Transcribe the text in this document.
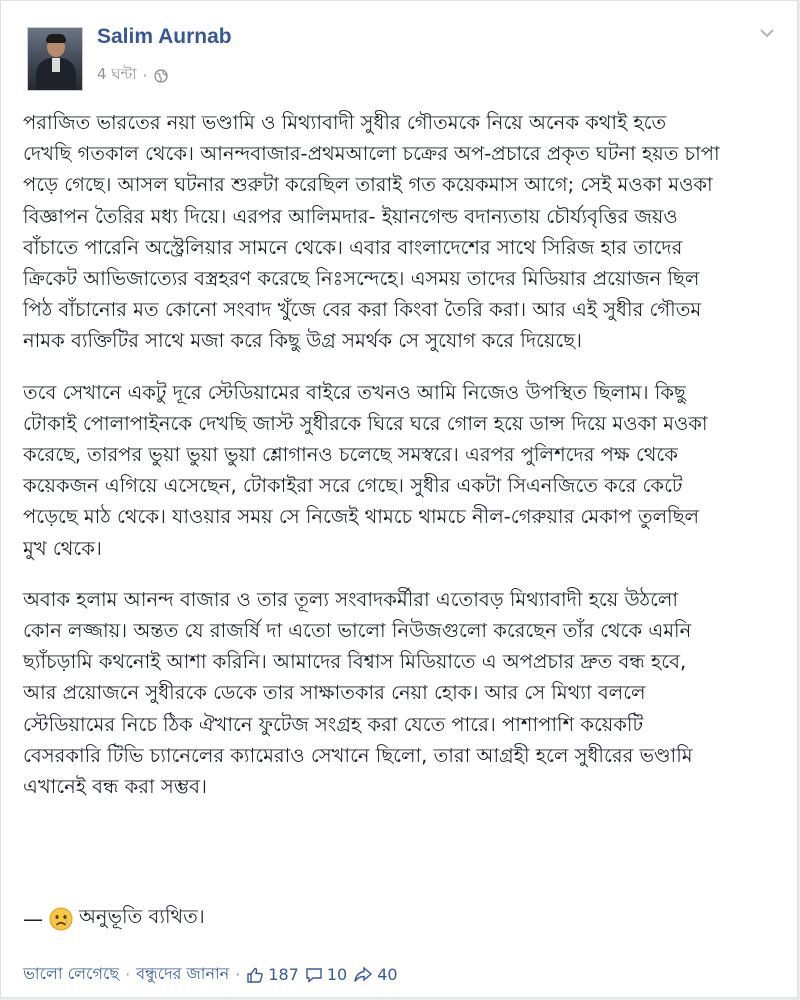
Salim Aurnab
4 ঘন্টা ·

পরাজিত ভারতের নয়া ভণ্ডামি ও মিথ্যাবাদী সুধীর গৌতমকে নিয়ে অনেক কথাই হতে
দেখছি গতকাল থেকে। আনন্দবাজার-প্রথমআলো চক্রের অপ-প্রচারে প্রকৃত ঘটনা হয়ত চাপা
পড়ে গেছে। আসল ঘটনার শুরুটা করেছিল তারাই গত কয়েকমাস আগে; সেই মওকা মওকা
বিজ্ঞাপন তৈরির মধ্য দিয়ে। এরপর আলিমদার- ইয়ানগেল্ড বদান্যতায় চৌর্য্যবৃত্তির জয়ও
বাঁচাতে পারেনি অস্ট্রেলিয়ার সামনে থেকে। এবার বাংলাদেশের সাথে সিরিজ হার তাদের
ক্রিকেট আভিজাত্যের বস্ত্রহরণ করেছে নিঃসন্দেহে। এসময় তাদের মিডিয়ার প্রয়োজন ছিল
পিঠ বাঁচানোর মত কোনো সংবাদ খুঁজে বের করা কিংবা তৈরি করা। আর এই সুধীর গৌতম
নামক ব্যক্তিটির সাথে মজা করে কিছু উগ্র সমর্থক সে সুযোগ করে দিয়েছে।

তবে সেখানে একটু দূরে স্টেডিয়ামের বাইরে তখনও আমি নিজেও উপস্থিত ছিলাম। কিছু
টোকাই পোলাপাইনকে দেখছি জাস্ট সুধীরকে ঘিরে ঘরে গোল হয়ে ডান্স দিয়ে মওকা মওকা
করেছে, তারপর ভুয়া ভুয়া ভুয়া শ্লোগানও চলেছে সমস্বরে। এরপর পুলিশদের পক্ষ থেকে
কয়েকজন এগিয়ে এসেছেন, টোকাইরা সরে গেছে। সুধীর একটা সিএনজিতে করে কেটে
পড়েছে মাঠ থেকে। যাওয়ার সময় সে নিজেই থামচে থামচে নীল-গেরুয়ার মেকাপ তুলছিল
মুখ থেকে।

অবাক হলাম আনন্দ বাজার ও তার তূল্য সংবাদকর্মীরা এতোবড় মিথ্যাবাদী হয়ে উঠলো
কোন লজ্জায়। অন্তত যে রাজর্ষি দা এতো ভালো নিউজগুলো করেছেন তাঁর থেকে এমনি
ছ্যাঁচড়ামি কথনোই আশা করিনি। আমাদের বিশ্বাস মিডিয়াতে এ অপপ্রচার দ্রুত বন্ধ হবে,
আর প্রয়োজনে সুধীরকে ডেকে তার সাক্ষাতকার নেয়া হোক। আর সে মিথ্যা বললে
স্টেডিয়ামের নিচে ঠিক ঐখানে ফুটেজ সংগ্রহ করা যেতে পারে। পাশাপাশি কয়েকটি
বেসরকারি টিভি চ্যানেলের ক্যামেরাও সেখানে ছিলো, তারা আগ্রহী হলে সুধীরের ভণ্ডামি
এখানেই বন্ধ করা সম্ভব।

— অনুভূতি ব্যথিত।
ভালো লেগেছে · বন্ধুদের জানান · 187 10 40
